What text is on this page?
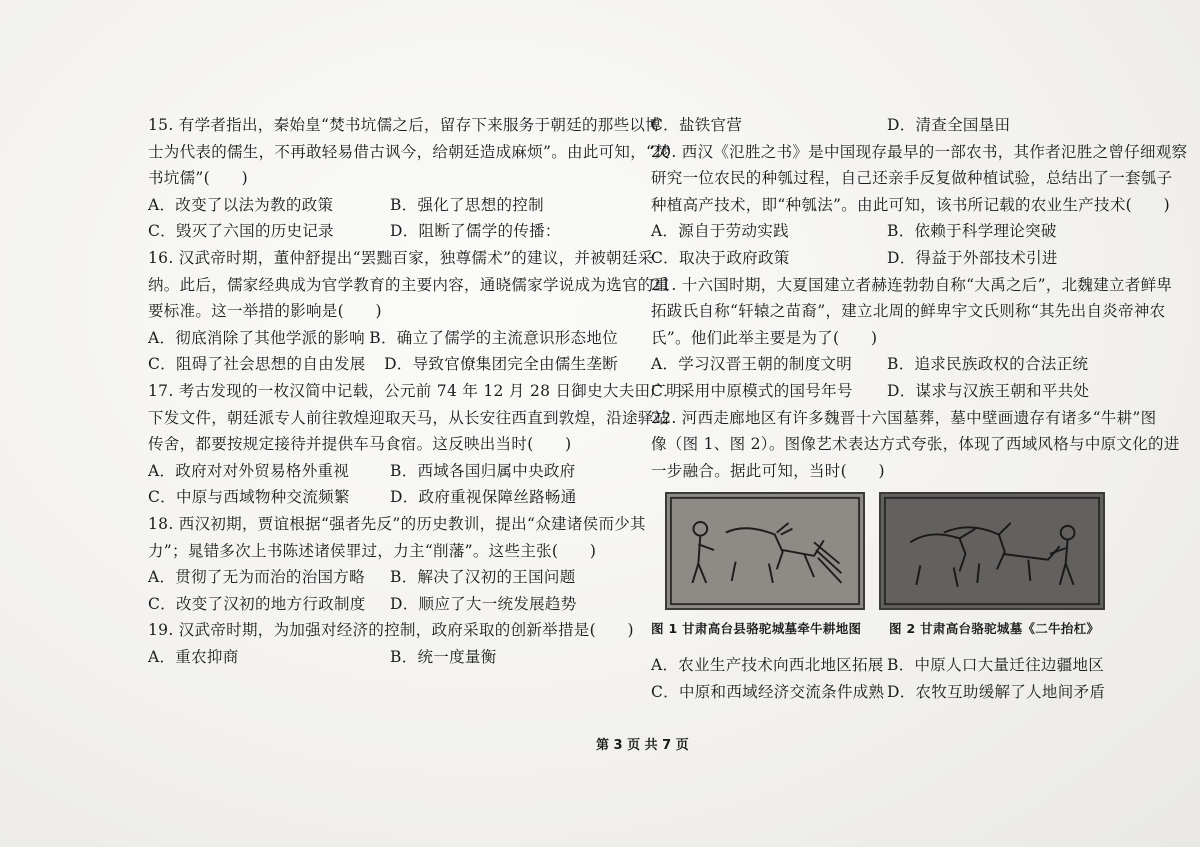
15. 有学者指出，秦始皇“焚书坑儒之后，留存下来服务于朝廷的那些以博
士为代表的儒生，不再敢轻易借古讽今，给朝廷造成麻烦”。由此可知，“焚
书坑儒”(　　)
A．改变了以法为教的政策	B．强化了思想的控制
C．毁灭了六国的历史记录	D．阻断了儒学的传播：
16. 汉武帝时期，董仲舒提出“罢黜百家，独尊儒术”的建议，并被朝廷采
纳。此后，儒家经典成为官学教育的主要内容，通晓儒家学说成为选官的重
要标准。这一举措的影响是(　　)
A．彻底消除了其他学派的影响 B．确立了儒学的主流意识形态地位
C．阻碍了社会思想的自由发展	D．导致官僚集团完全由儒生垄断
17. 考古发现的一枚汉简中记载，公元前 74 年 12 月 28 日御史大夫田广明
下发文件，朝廷派专人前往敦煌迎取天马，从长安往西直到敦煌，沿途驿站
传舍，都要按规定接待并提供车马食宿。这反映出当时(　　)
A．政府对对外贸易格外重视	B．西域各国归属中央政府
C．中原与西域物种交流频繁	D．政府重视保障丝路畅通
18. 西汉初期，贾谊根据“强者先反”的历史教训，提出“众建诸侯而少其
力”；晁错多次上书陈述诸侯罪过，力主“削藩”。这些主张(　　)
A．贯彻了无为而治的治国方略	B．解决了汉初的王国问题
C．改变了汉初的地方行政制度	D．顺应了大一统发展趋势
19. 汉武帝时期，为加强对经济的控制，政府采取的创新举措是(　　)
A．重农抑商	B．统一度量衡
C．盐铁官营	D．清查全国垦田
20. 西汉《氾胜之书》是中国现存最早的一部农书，其作者氾胜之曾仔细观察
研究一位农民的种瓠过程，自己还亲手反复做种植试验，总结出了一套瓠子
种植高产技术，即“种瓠法”。由此可知，该书所记载的农业生产技术(　　)
A．源自于劳动实践	B．依赖于科学理论突破
C．取决于政府政策	D．得益于外部技术引进
21. 十六国时期，大夏国建立者赫连勃勃自称“大禹之后”，北魏建立者鲜卑
拓跋氏自称“轩辕之苗裔”，建立北周的鲜卑宇文氏则称“其先出自炎帝神农
氏”。他们此举主要是为了(　　)
A．学习汉晋王朝的制度文明	B．追求民族政权的合法正统
C．采用中原模式的国号年号	D．谋求与汉族王朝和平共处
22. 河西走廊地区有许多魏晋十六国墓葬，墓中壁画遗存有诸多“牛耕”图
像（图 1、图 2）。图像艺术表达方式夸张，体现了西域风格与中原文化的进
一步融合。据此可知，当时(　　)
图 1 甘肃高台县骆驼城墓牵牛耕地图	图 2 甘肃高台骆驼城墓《二牛抬杠》
A．农业生产技术向西北地区拓展 B．中原人口大量迁往边疆地区
C．中原和西域经济交流条件成熟 D．农牧互助缓解了人地间矛盾
第 3 页 共 7 页
